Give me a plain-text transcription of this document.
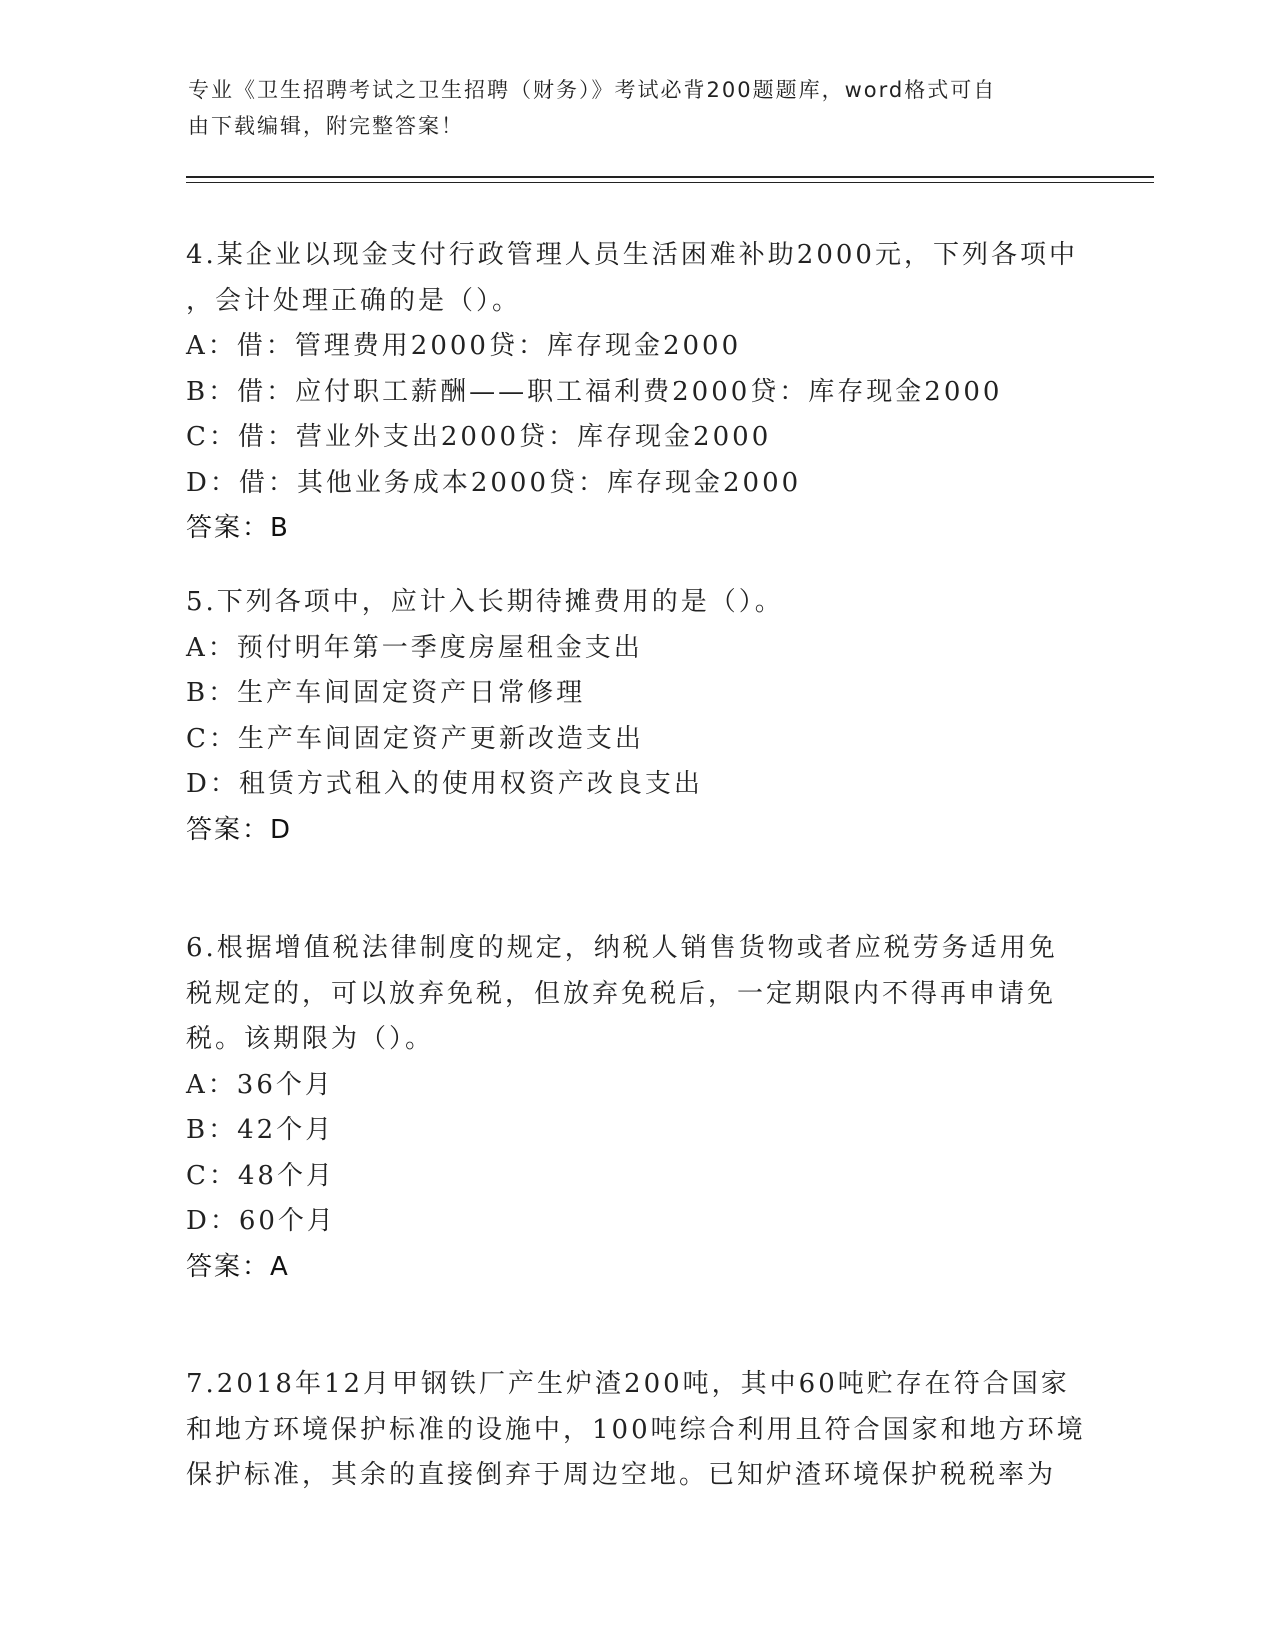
专业《卫生招聘考试之卫生招聘（财务）》考试必背200题题库，word格式可自
由下载编辑，附完整答案！
4.某企业以现金支付行政管理人员生活困难补助2000元，下列各项中
，会计处理正确的是（）。
A：借：管理费用2000贷：库存现金2000
B：借：应付职工薪酬——职工福利费2000贷：库存现金2000
C：借：营业外支出2000贷：库存现金2000
D：借：其他业务成本2000贷：库存现金2000
答案：B
5.下列各项中，应计入长期待摊费用的是（）。
A：预付明年第一季度房屋租金支出
B：生产车间固定资产日常修理
C：生产车间固定资产更新改造支出
D：租赁方式租入的使用权资产改良支出
答案：D
6.根据增值税法律制度的规定，纳税人销售货物或者应税劳务适用免
税规定的，可以放弃免税，但放弃免税后，一定期限内不得再申请免
税。该期限为（）。
A：36个月
B：42个月
C：48个月
D：60个月
答案：A
7.2018年12月甲钢铁厂产生炉渣200吨，其中60吨贮存在符合国家
和地方环境保护标准的设施中，100吨综合利用且符合国家和地方环境
保护标准，其余的直接倒弃于周边空地。已知炉渣环境保护税税率为
